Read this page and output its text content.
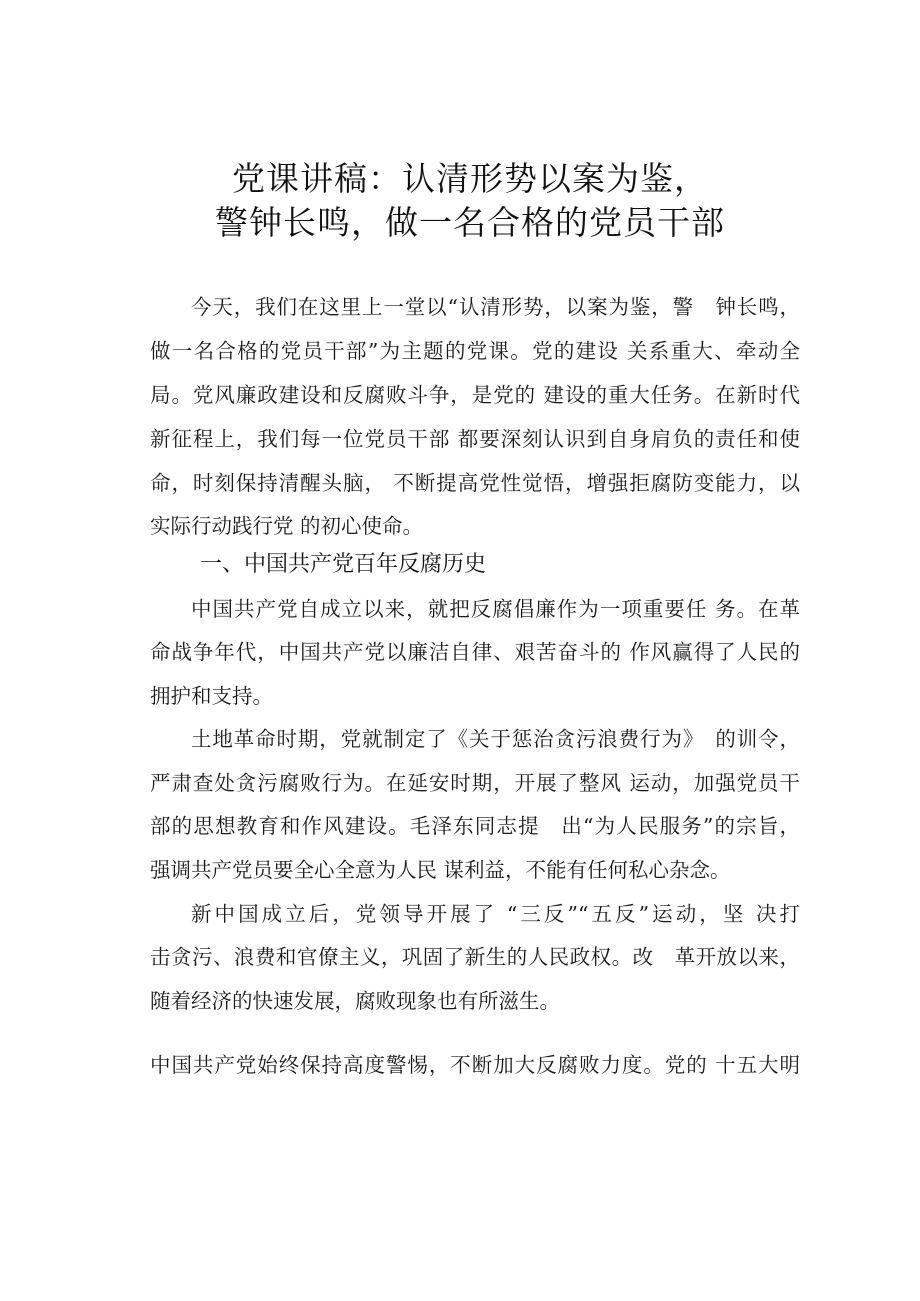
党课讲稿：认清形势以案为鉴，
警钟长鸣，做一名合格的党员干部
今天，我们在这里上一堂以“认清形势，以案为鉴，警　钟长鸣，
做一名合格的党员干部”为主题的党课。党的建设 关系重大、牵动全
局。党风廉政建设和反腐败斗争，是党的 建设的重大任务。在新时代
新征程上，我们每一位党员干部 都要深刻认识到自身肩负的责任和使
命，时刻保持清醒头脑， 不断提高党性觉悟，增强拒腐防变能力，以
实际行动践行党 的初心使命。
一、中国共产党百年反腐历史
中国共产党自成立以来，就把反腐倡廉作为一项重要任 务。在革
命战争年代，中国共产党以廉洁自律、艰苦奋斗的 作风赢得了人民的
拥护和支持。
土地革命时期，党就制定了《关于惩治贪污浪费行为》　的训令，
严肃查处贪污腐败行为。在延安时期，开展了整风 运动，加强党员干
部的思想教育和作风建设。毛泽东同志提　出“为人民服务”的宗旨，
强调共产党员要全心全意为人民 谋利益，不能有任何私心杂念。
新中国成立后，党领导开展了 “三反”“五反”运动，坚 决打
击贪污、浪费和官僚主义，巩固了新生的人民政权。改　革开放以来，
随着经济的快速发展，腐败现象也有所滋生。
中国共产党始终保持高度警惕，不断加大反腐败力度。党的 十五大明
